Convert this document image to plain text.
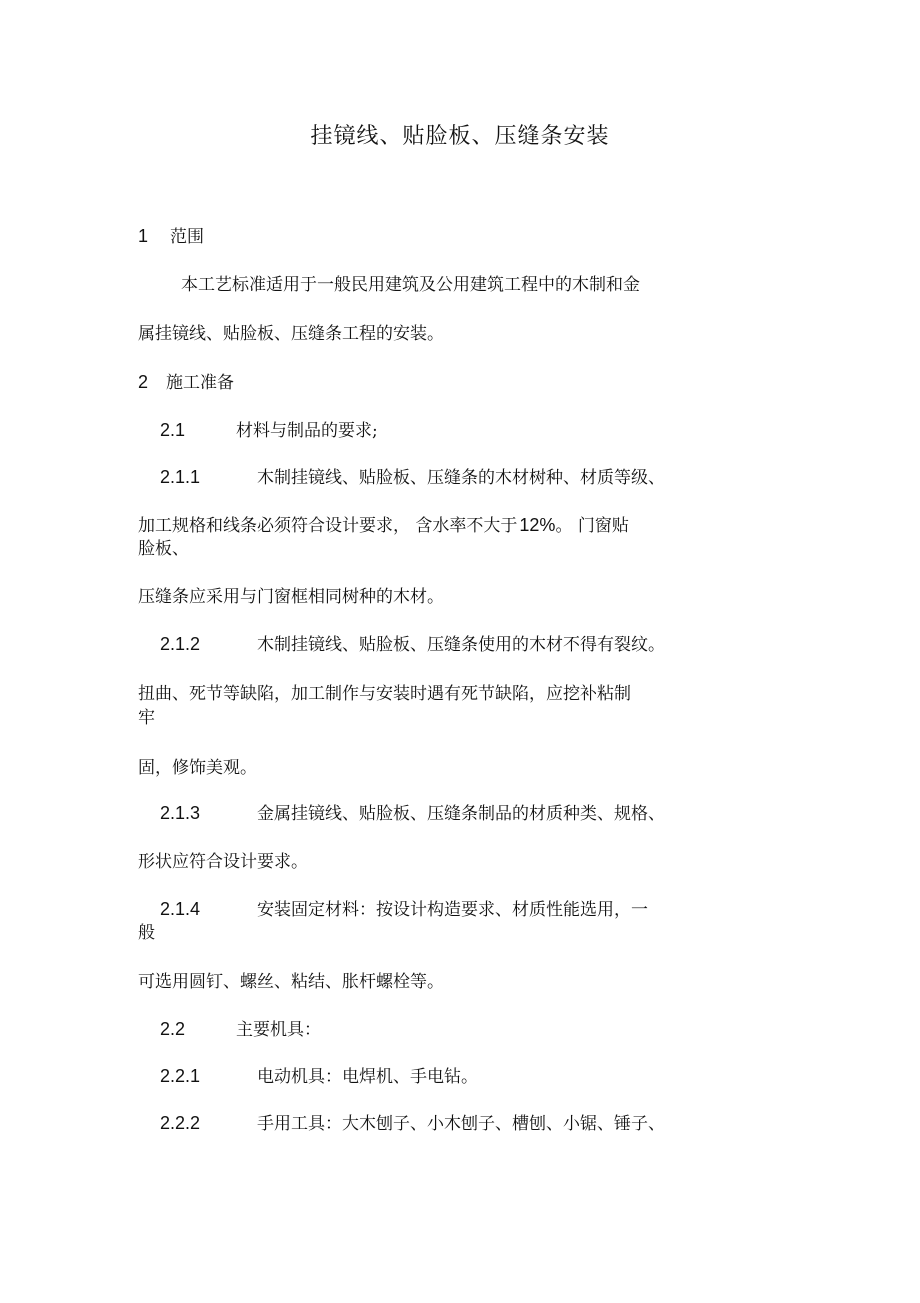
挂镜线、贴脸板、压缝条安装
1 范围
本工艺标准适用于一般民用建筑及公用建筑工程中的木制和金
属挂镜线、贴脸板、压缝条工程的安装。
2 施工准备
2.1	材料与制品的要求;
2.1.1	木制挂镜线、贴脸板、压缝条的木材树种、材质等级、
加工规格和线条必须符合设计要求， 含水率不大于 12%。 门窗贴
脸板、
压缝条应采用与门窗框相同树种的木材。
2.1.2	木制挂镜线、贴脸板、压缝条使用的木材不得有裂纹。
扭曲、死节等缺陷，加工制作与安装时遇有死节缺陷，应挖补粘制
牢
固，修饰美观。
2.1.3	金属挂镜线、贴脸板、压缝条制品的材质种类、规格、
形状应符合设计要求。
2.1.4	安装固定材料：按设计构造要求、材质性能选用，一
般
可选用圆钉、螺丝、粘结、胀杆螺栓等。
2.2	主要机具：
2.2.1	电动机具：电焊机、手电钻。
2.2.2	手用工具：大木刨子、小木刨子、槽刨、小锯、锤子、
